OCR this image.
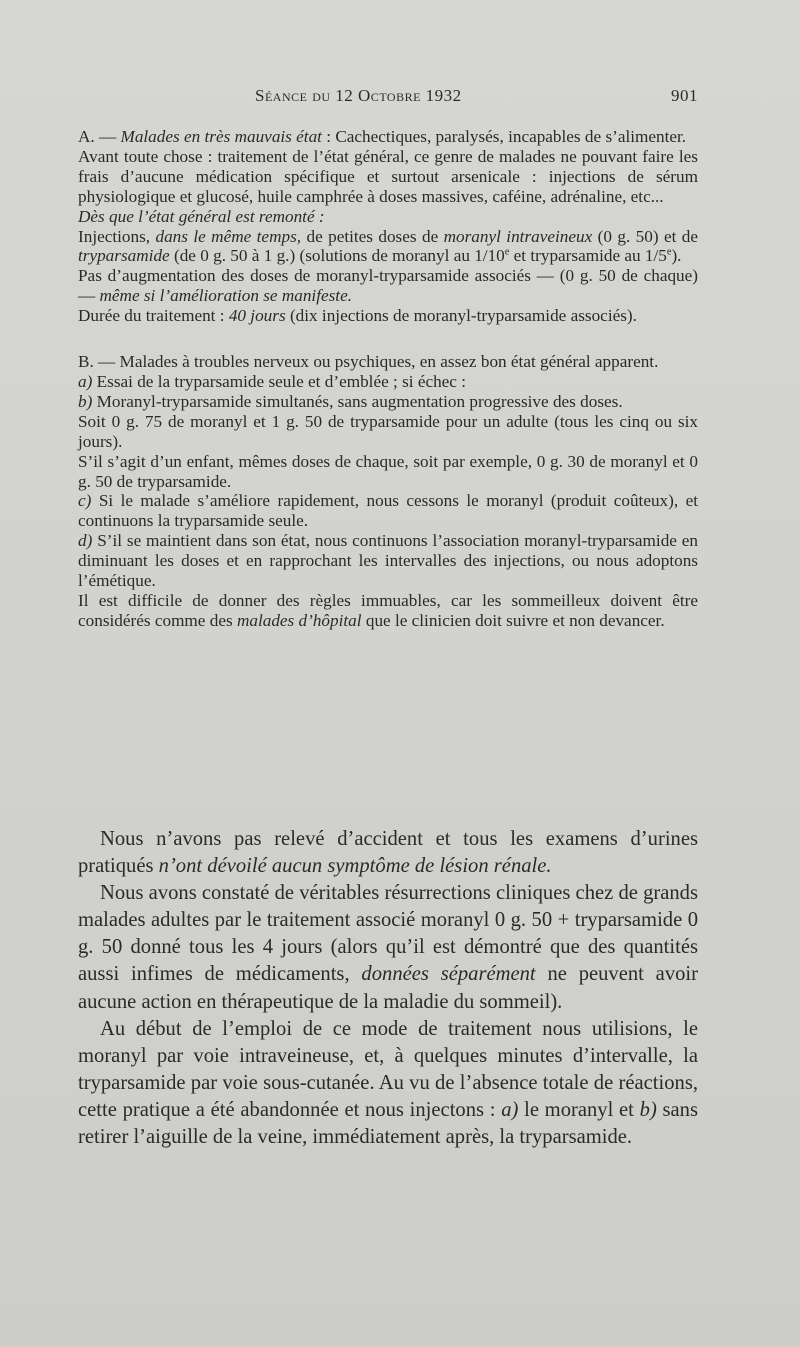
Séance du 12 Octobre 1932	901

A. — Malades en très mauvais état : Cachectiques, paralysés, incapables de s’alimenter.

Avant toute chose : traitement de l’état général, ce genre de malades ne pouvant faire les frais d’aucune médication spécifique et surtout arsenicale : injections de sérum physiologique et glucosé, huile camphrée à doses massives, caféine, adrénaline, etc...

Dès que l’état général est remonté :

Injections, dans le même temps, de petites doses de moranyl intraveineux (0 g. 50) et de tryparsamide (de 0 g. 50 à 1 g.) (solutions de moranyl au 1/10e et tryparsamide au 1/5e).

Pas d’augmentation des doses de moranyl-tryparsamide associés — (0 g. 50 de chaque) — même si l’amélioration se manifeste.

Durée du traitement : 40 jours (dix injections de moranyl-tryparsamide associés).

B. — Malades à troubles nerveux ou psychiques, en assez bon état général apparent.

a) Essai de la tryparsamide seule et d’emblée ; si échec :

b) Moranyl-tryparsamide simultanés, sans augmentation progressive des doses.

Soit 0 g. 75 de moranyl et 1 g. 50 de tryparsamide pour un adulte (tous les cinq ou six jours).

S’il s’agit d’un enfant, mêmes doses de chaque, soit par exemple, 0 g. 30 de moranyl et 0 g. 50 de tryparsamide.

c) Si le malade s’améliore rapidement, nous cessons le moranyl (produit coûteux), et continuons la tryparsamide seule.

d) S’il se maintient dans son état, nous continuons l’association moranyl-tryparsamide en diminuant les doses et en rapprochant les intervalles des injections, ou nous adoptons l’émétique.

Il est difficile de donner des règles immuables, car les sommeilleux doivent être considérés comme des malades d’hôpital que le clinicien doit suivre et non devancer.

Nous n’avons pas relevé d’accident et tous les examens d’urines pratiqués n’ont dévoilé aucun symptôme de lésion rénale.

Nous avons constaté de véritables résurrections cliniques chez de grands malades adultes par le traitement associé moranyl 0 g. 50 + tryparsamide 0 g. 50 donné tous les 4 jours (alors qu’il est démontré que des quantités aussi infimes de médicaments, données séparément ne peuvent avoir aucune action en thérapeutique de la maladie du sommeil).

Au début de l’emploi de ce mode de traitement nous utilisions, le moranyl par voie intraveineuse, et, à quelques minutes d’intervalle, la tryparsamide par voie sous-cutanée. Au vu de l’absence totale de réactions, cette pratique a été abandonnée et nous injectons : a) le moranyl et b) sans retirer l’aiguille de la veine, immédiatement après, la tryparsamide.
